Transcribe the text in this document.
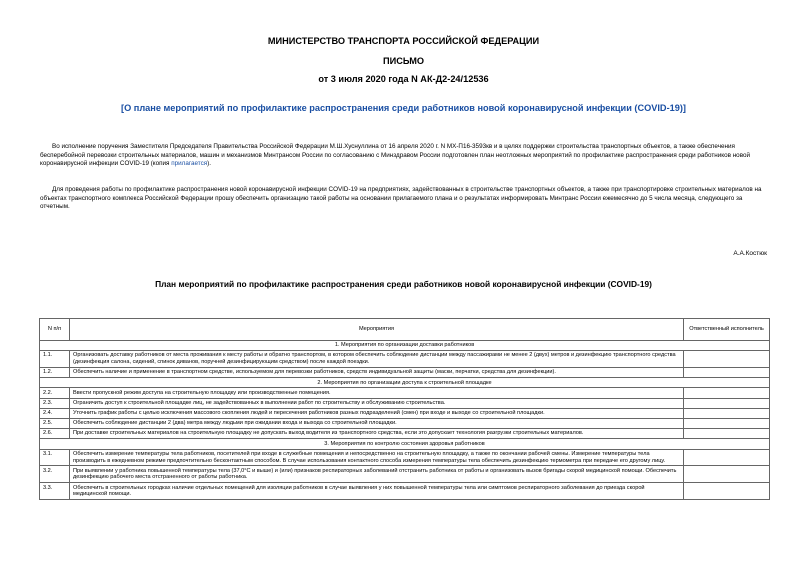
МИНИСТЕРСТВО ТРАНСПОРТА РОССИЙСКОЙ ФЕДЕРАЦИИ
ПИСЬМО
от 3 июля 2020 года N АК-Д2-24/12536
[О плане мероприятий по профилактике распространения среди работников новой коронавирусной инфекции (COVID-19)]
Во исполнение поручения Заместителя Председателя Правительства Российской Федерации М.Ш.Хуснуллина от 16 апреля 2020 г. N МХ-П16-3593кв и в целях поддержки строительства транспортных объектов, а также обеспечения бесперебойной перевозки строительных материалов, машин и механизмов Минтрансом России по согласованию с Минздравом России подготовлен план неотложных мероприятий по профилактике распространения среди работников новой коронавирусной инфекции COVID-19 (копия прилагается).
Для проведения работы по профилактике распространения новой коронавирусной инфекции COVID-19 на предприятиях, задействованных в строительстве транспортных объектов, а также при транспортировке строительных материалов на объектах транспортного комплекса Российской Федерации прошу обеспечить организацию такой работы на основании прилагаемого плана и о результатах информировать Минтранс России ежемесячно до 5 числа месяца, следующего за отчетным.
А.А.Костюк
План мероприятий по профилактике распространения среди работников новой коронавирусной инфекции (COVID-19)
N п/п	Мероприятия	Ответственный исполнитель
1. Мероприятия по организации доставки работников		
1.1.	Организовать доставку работников от места проживания к месту работы и обратно транспортом, в котором обеспечить соблюдение дистанции между пассажирами не менее 2 (двух) метров и дезинфекцию транспортного средства (дезинфекция салона, сидений, спинок диванов, поручней дезинфицирующим средством) после каждой поездки.	
1.2.	Обеспечить наличие и применение в транспортном средстве, используемом для перевозки работников, средств индивидуальной защиты (маски, перчатки, средства для дезинфекции).	
2. Мероприятия по организации доступа к строительной площадке		
2.2.	Ввести пропускной режим доступа на строительную площадку или производственные помещения.	
2.3.	Ограничить доступ к строительной площадке лиц, не задействованных в выполнении работ по строительству и обслуживанию строительства.	
2.4.	Уточнить график работы с целью исключения массового скопления людей и пересечения работников разных подразделений (смен) при входе и выходе со строительной площадки.	
2.5.	Обеспечить соблюдение дистанции 2 (два) метра между людьми при ожидании входа и выхода со строительной площадки.	
2.6.	При доставке строительных материалов на строительную площадку не допускать выход водителя из транспортного средства, если это допускает технология разгрузки строительных материалов.	
3. Мероприятия по контролю состояния здоровья работников		
3.1.	Обеспечить измерение температуры тела работников, посетителей при входе в служебные помещения и непосредственно на строительную площадку, а также по окончании рабочей смены. Измерение температуры тела производить в ежедневном режиме предпочтительно бесконтактным способом. В случае использования контактного способа измерения температуры тела обеспечить дезинфекцию термометра при передаче его другому лицу.	
3.2.	При выявлении у работника повышенной температуры тела (37,0°С и выше) и (или) признаков респираторных заболеваний отстранить работника от работы и организовать вызов бригады скорой медицинской помощи. Обеспечить дезинфекцию рабочего места отстраненного от работы работника.	
3.3.	Обеспечить в строительных городках наличие отдельных помещений для изоляции работников в случае выявления у них повышенной температуры тела или симптомов респираторного заболевания до приезда скорой медицинской помощи.	
